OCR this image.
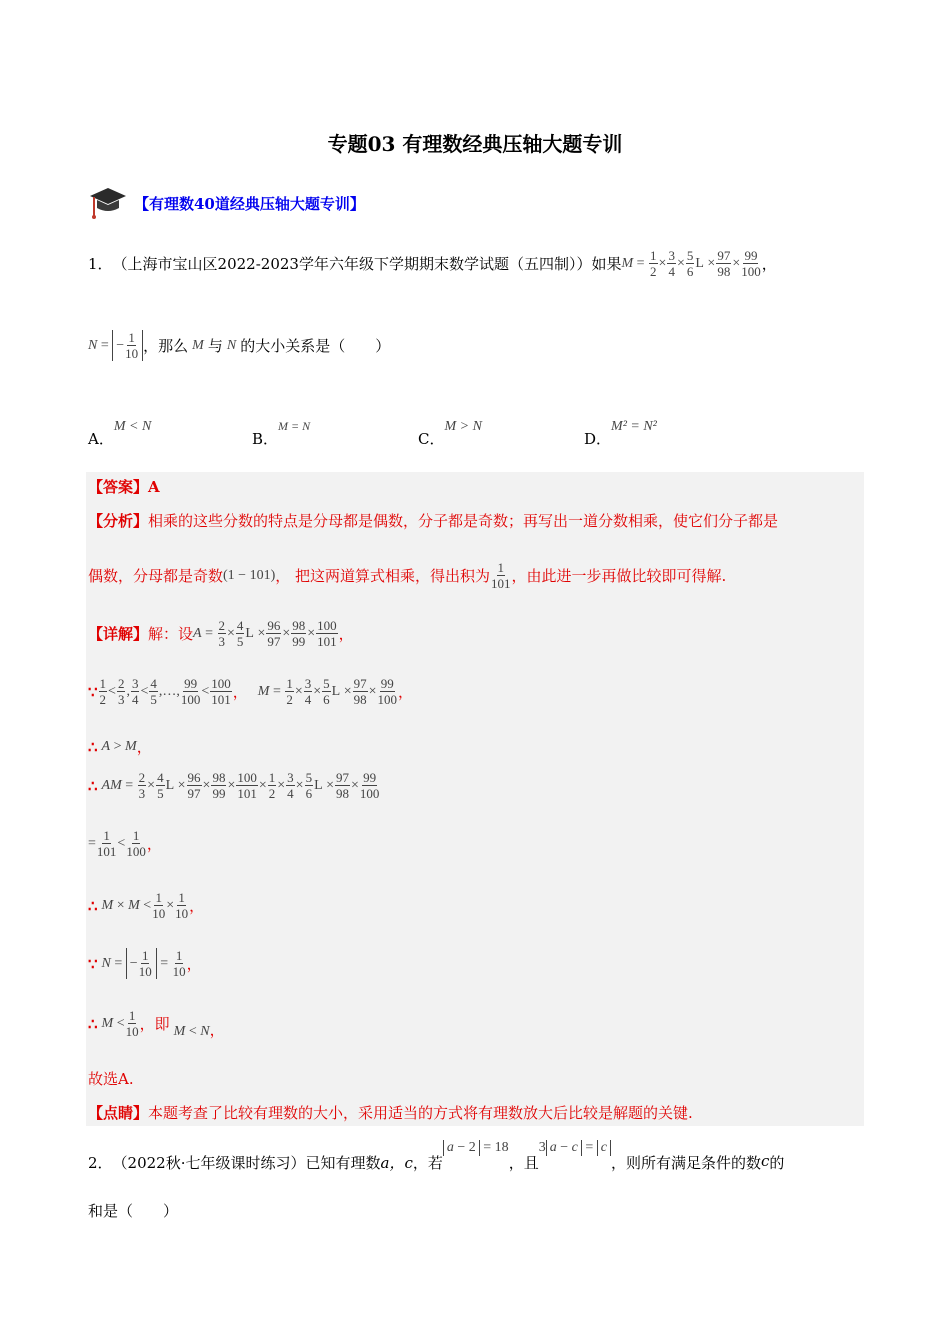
专题03 有理数经典压轴大题专训
【有理数40道经典压轴大题专训】
1． （上海市宝山区2022-2023学年六年级下学期期末数学试题（五四制））如果 $M = \frac{1}{2} \times \frac{3}{4} \times \frac{5}{6}$ $L \times \frac{97}{98} \times \frac{99}{100}$ ，
N = − $\frac{1}{10}$ ，那么 M 与 N 的大小关系是（　　）
A．M < N
B．M = N
C．M > N
D．M² = N²
【答案】A
【分析】相乘的这些分数的特点是分母都是偶数，分子都是奇数；再写出一道分数相乘，使它们分子都是
偶数，分母都是奇数 (1 − 101) ， 把这两道算式相乘，得出积为 $\frac{1}{101}$ ，由此进一步再做比较即可得解.
【详解】 解：设 $A = \frac{2}{3} \times \frac{4}{5}$ $L \times \frac{96}{97} \times \frac{98}{99} \times \frac{100}{101}$ ，
∵ $\frac{1}{2} < \frac{2}{3}$ , $\frac{3}{4} < \frac{4}{5}$ ,…, $\frac{99}{100} < \frac{100}{101}$ ， $M = \frac{1}{2} \times \frac{3}{4} \times \frac{5}{6}$ $L \times \frac{97}{98} \times \frac{99}{100}$ ，
∴ A > M ，
∴ AM = $\frac{2}{3} \times \frac{4}{5}$ $L \times \frac{96}{97} \times \frac{98}{99} \times \frac{100}{101} \times \frac{1}{2} \times \frac{3}{4} \times \frac{5}{6}$ $L \times \frac{97}{98} \times \frac{99}{100}$
= $\frac{1}{101} < \frac{1}{100}$ ，
∴ $M \times M < \frac{1}{10} \times \frac{1}{10}$ ，
∵ N = − $\frac{1}{10} = \frac{1}{10}$ ，
∴ $M < \frac{1}{10}$ ，即 M < N ，
故选A.
【点睛】本题考查了比较有理数的大小，采用适当的方式将有理数放大后比较是解题的关键.
2． （2022秋·七年级课时练习）已知有理数 a，c ，若
a − 2 = 18
，且
3 a − c = c
，则所有满足条件的数 c 的
和是（　　）
